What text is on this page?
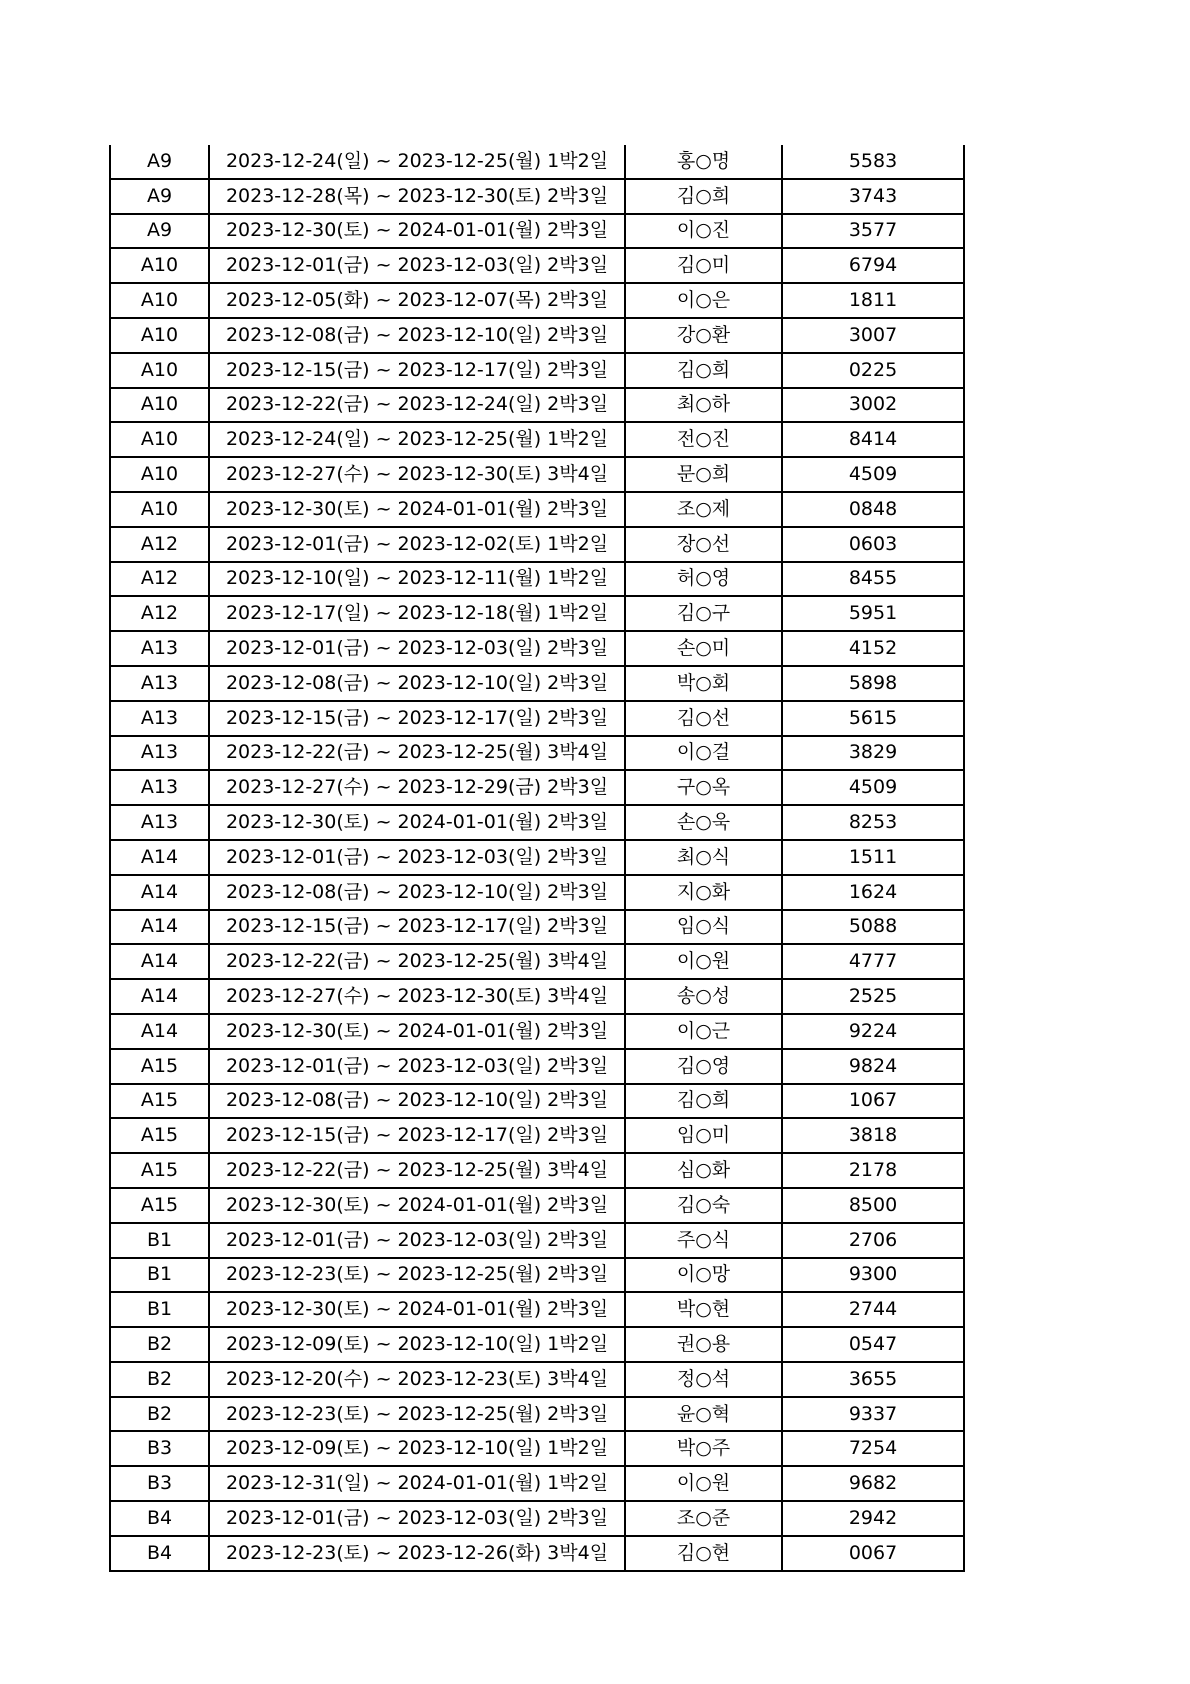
A9	2023-12-24(일) ~ 2023-12-25(월) 1박2일	홍○명	5583
A9	2023-12-28(목) ~ 2023-12-30(토) 2박3일	김○희	3743
A9	2023-12-30(토) ~ 2024-01-01(월) 2박3일	이○진	3577
A10	2023-12-01(금) ~ 2023-12-03(일) 2박3일	김○미	6794
A10	2023-12-05(화) ~ 2023-12-07(목) 2박3일	이○은	1811
A10	2023-12-08(금) ~ 2023-12-10(일) 2박3일	강○환	3007
A10	2023-12-15(금) ~ 2023-12-17(일) 2박3일	김○희	0225
A10	2023-12-22(금) ~ 2023-12-24(일) 2박3일	최○하	3002
A10	2023-12-24(일) ~ 2023-12-25(월) 1박2일	전○진	8414
A10	2023-12-27(수) ~ 2023-12-30(토) 3박4일	문○희	4509
A10	2023-12-30(토) ~ 2024-01-01(월) 2박3일	조○제	0848
A12	2023-12-01(금) ~ 2023-12-02(토) 1박2일	장○선	0603
A12	2023-12-10(일) ~ 2023-12-11(월) 1박2일	허○영	8455
A12	2023-12-17(일) ~ 2023-12-18(월) 1박2일	김○구	5951
A13	2023-12-01(금) ~ 2023-12-03(일) 2박3일	손○미	4152
A13	2023-12-08(금) ~ 2023-12-10(일) 2박3일	박○회	5898
A13	2023-12-15(금) ~ 2023-12-17(일) 2박3일	김○선	5615
A13	2023-12-22(금) ~ 2023-12-25(월) 3박4일	이○걸	3829
A13	2023-12-27(수) ~ 2023-12-29(금) 2박3일	구○옥	4509
A13	2023-12-30(토) ~ 2024-01-01(월) 2박3일	손○욱	8253
A14	2023-12-01(금) ~ 2023-12-03(일) 2박3일	최○식	1511
A14	2023-12-08(금) ~ 2023-12-10(일) 2박3일	지○화	1624
A14	2023-12-15(금) ~ 2023-12-17(일) 2박3일	임○식	5088
A14	2023-12-22(금) ~ 2023-12-25(월) 3박4일	이○원	4777
A14	2023-12-27(수) ~ 2023-12-30(토) 3박4일	송○성	2525
A14	2023-12-30(토) ~ 2024-01-01(월) 2박3일	이○근	9224
A15	2023-12-01(금) ~ 2023-12-03(일) 2박3일	김○영	9824
A15	2023-12-08(금) ~ 2023-12-10(일) 2박3일	김○희	1067
A15	2023-12-15(금) ~ 2023-12-17(일) 2박3일	임○미	3818
A15	2023-12-22(금) ~ 2023-12-25(월) 3박4일	심○화	2178
A15	2023-12-30(토) ~ 2024-01-01(월) 2박3일	김○숙	8500
B1	2023-12-01(금) ~ 2023-12-03(일) 2박3일	주○식	2706
B1	2023-12-23(토) ~ 2023-12-25(월) 2박3일	이○망	9300
B1	2023-12-30(토) ~ 2024-01-01(월) 2박3일	박○현	2744
B2	2023-12-09(토) ~ 2023-12-10(일) 1박2일	권○용	0547
B2	2023-12-20(수) ~ 2023-12-23(토) 3박4일	정○석	3655
B2	2023-12-23(토) ~ 2023-12-25(월) 2박3일	윤○혁	9337
B3	2023-12-09(토) ~ 2023-12-10(일) 1박2일	박○주	7254
B3	2023-12-31(일) ~ 2024-01-01(월) 1박2일	이○원	9682
B4	2023-12-01(금) ~ 2023-12-03(일) 2박3일	조○준	2942
B4	2023-12-23(토) ~ 2023-12-26(화) 3박4일	김○현	0067
